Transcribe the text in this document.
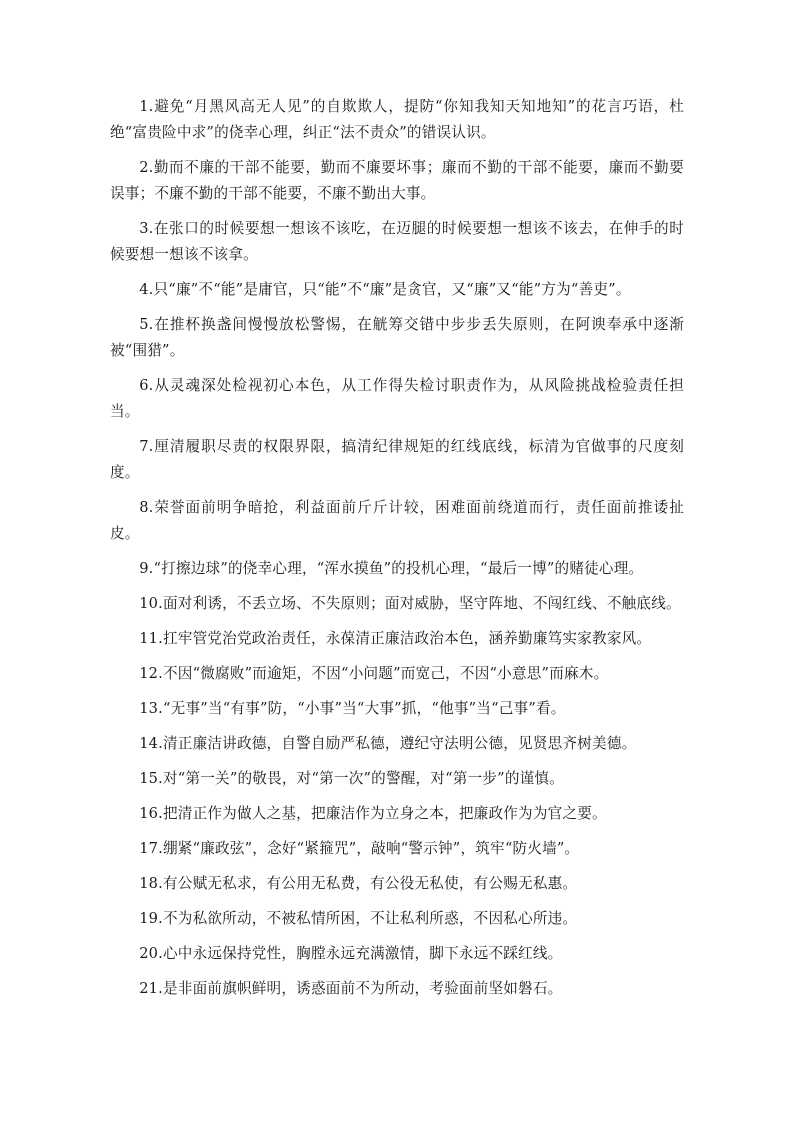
1.避免“月黑风高无人见”的自欺欺人，提防“你知我知天知地知”的花言巧语，杜绝“富贵险中求”的侥幸心理，纠正“法不责众”的错误认识。

2.勤而不廉的干部不能要，勤而不廉要坏事；廉而不勤的干部不能要，廉而不勤要误事；不廉不勤的干部不能要，不廉不勤出大事。

3.在张口的时候要想一想该不该吃，在迈腿的时候要想一想该不该去，在伸手的时候要想一想该不该拿。

4.只“廉”不“能”是庸官，只“能”不“廉”是贪官，又“廉”又“能”方为“善吏”。

5.在推杯换盏间慢慢放松警惕，在觥筹交错中步步丢失原则，在阿谀奉承中逐渐被“围猎”。

6.从灵魂深处检视初心本色，从工作得失检讨职责作为，从风险挑战检验责任担当。

7.厘清履职尽责的权限界限，搞清纪律规矩的红线底线，标清为官做事的尺度刻度。

8.荣誉面前明争暗抢，利益面前斤斤计较，困难面前绕道而行，责任面前推诿扯皮。

9.“打擦边球”的侥幸心理，“浑水摸鱼”的投机心理，“最后一博”的赌徒心理。

10.面对利诱，不丢立场、不失原则；面对威胁，坚守阵地、不闯红线、不触底线。

11.扛牢管党治党政治责任，永葆清正廉洁政治本色，涵养勤廉笃实家教家风。

12.不因“微腐败”而逾矩，不因“小问题”而宽己，不因“小意思”而麻木。

13.“无事”当“有事”防，“小事”当“大事”抓，“他事”当“己事”看。

14.清正廉洁讲政德，自警自励严私德，遵纪守法明公德，见贤思齐树美德。

15.对“第一关”的敬畏，对“第一次”的警醒，对“第一步”的谨慎。

16.把清正作为做人之基，把廉洁作为立身之本，把廉政作为为官之要。

17.绷紧“廉政弦”，念好“紧箍咒”，敲响“警示钟”，筑牢“防火墙”。

18.有公赋无私求，有公用无私费，有公役无私使，有公赐无私惠。

19.不为私欲所动，不被私情所困，不让私利所惑，不因私心所违。

20.心中永远保持党性，胸膛永远充满激情，脚下永远不踩红线。

21.是非面前旗帜鲜明，诱惑面前不为所动，考验面前坚如磐石。
